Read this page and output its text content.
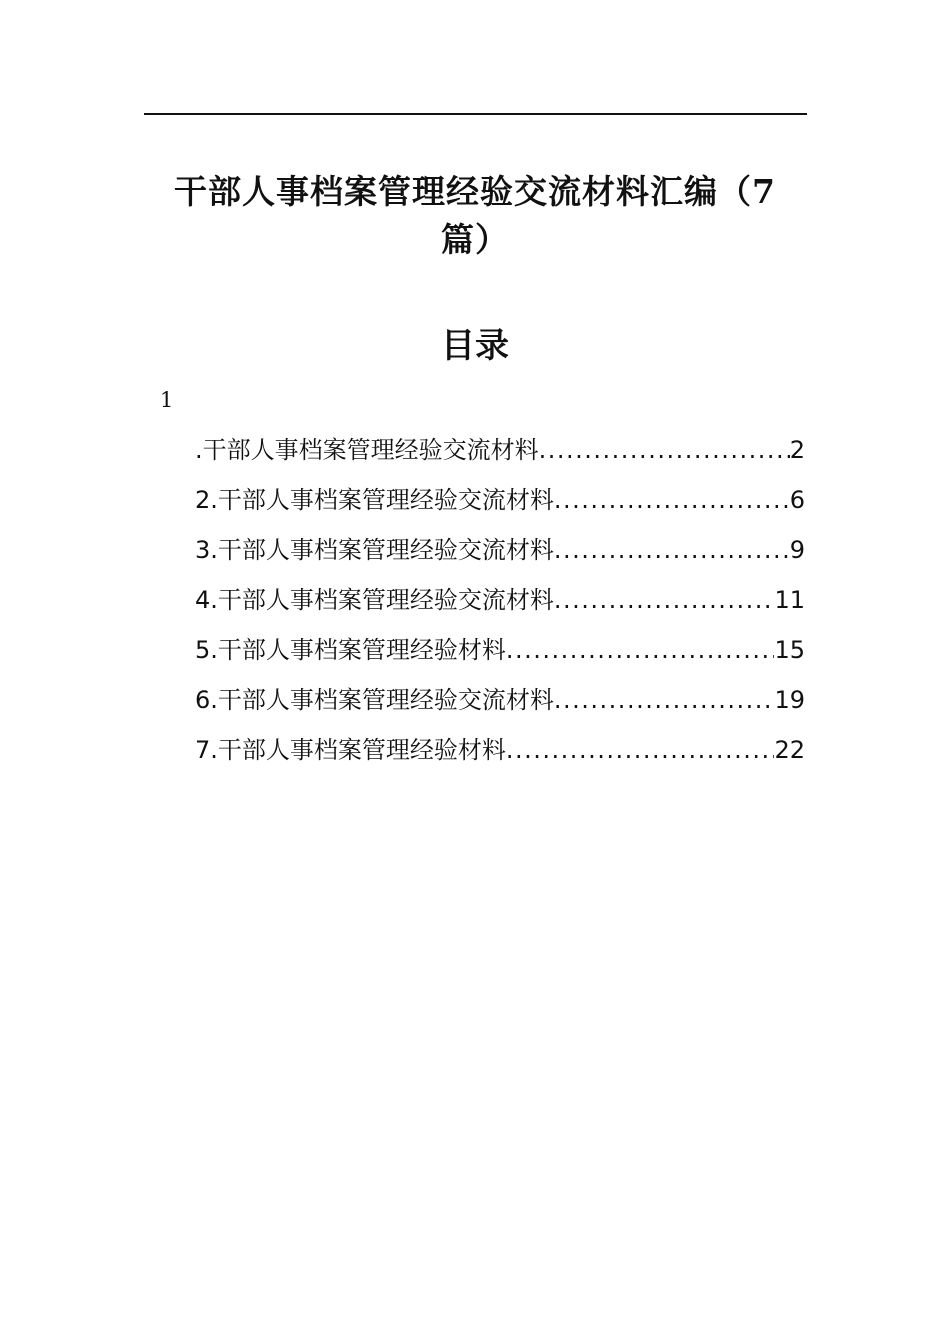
干部人事档案管理经验交流材料汇编（7篇）
目录
1
.干部人事档案管理经验交流材料 .....	2
2.干部人事档案管理经验交流材料 .....	6
3.干部人事档案管理经验交流材料 .....	9
4.干部人事档案管理经验交流材料 .....	11
5.干部人事档案管理经验材料 .....	15
6.干部人事档案管理经验交流材料 .....	19
7.干部人事档案管理经验材料 .....	22
